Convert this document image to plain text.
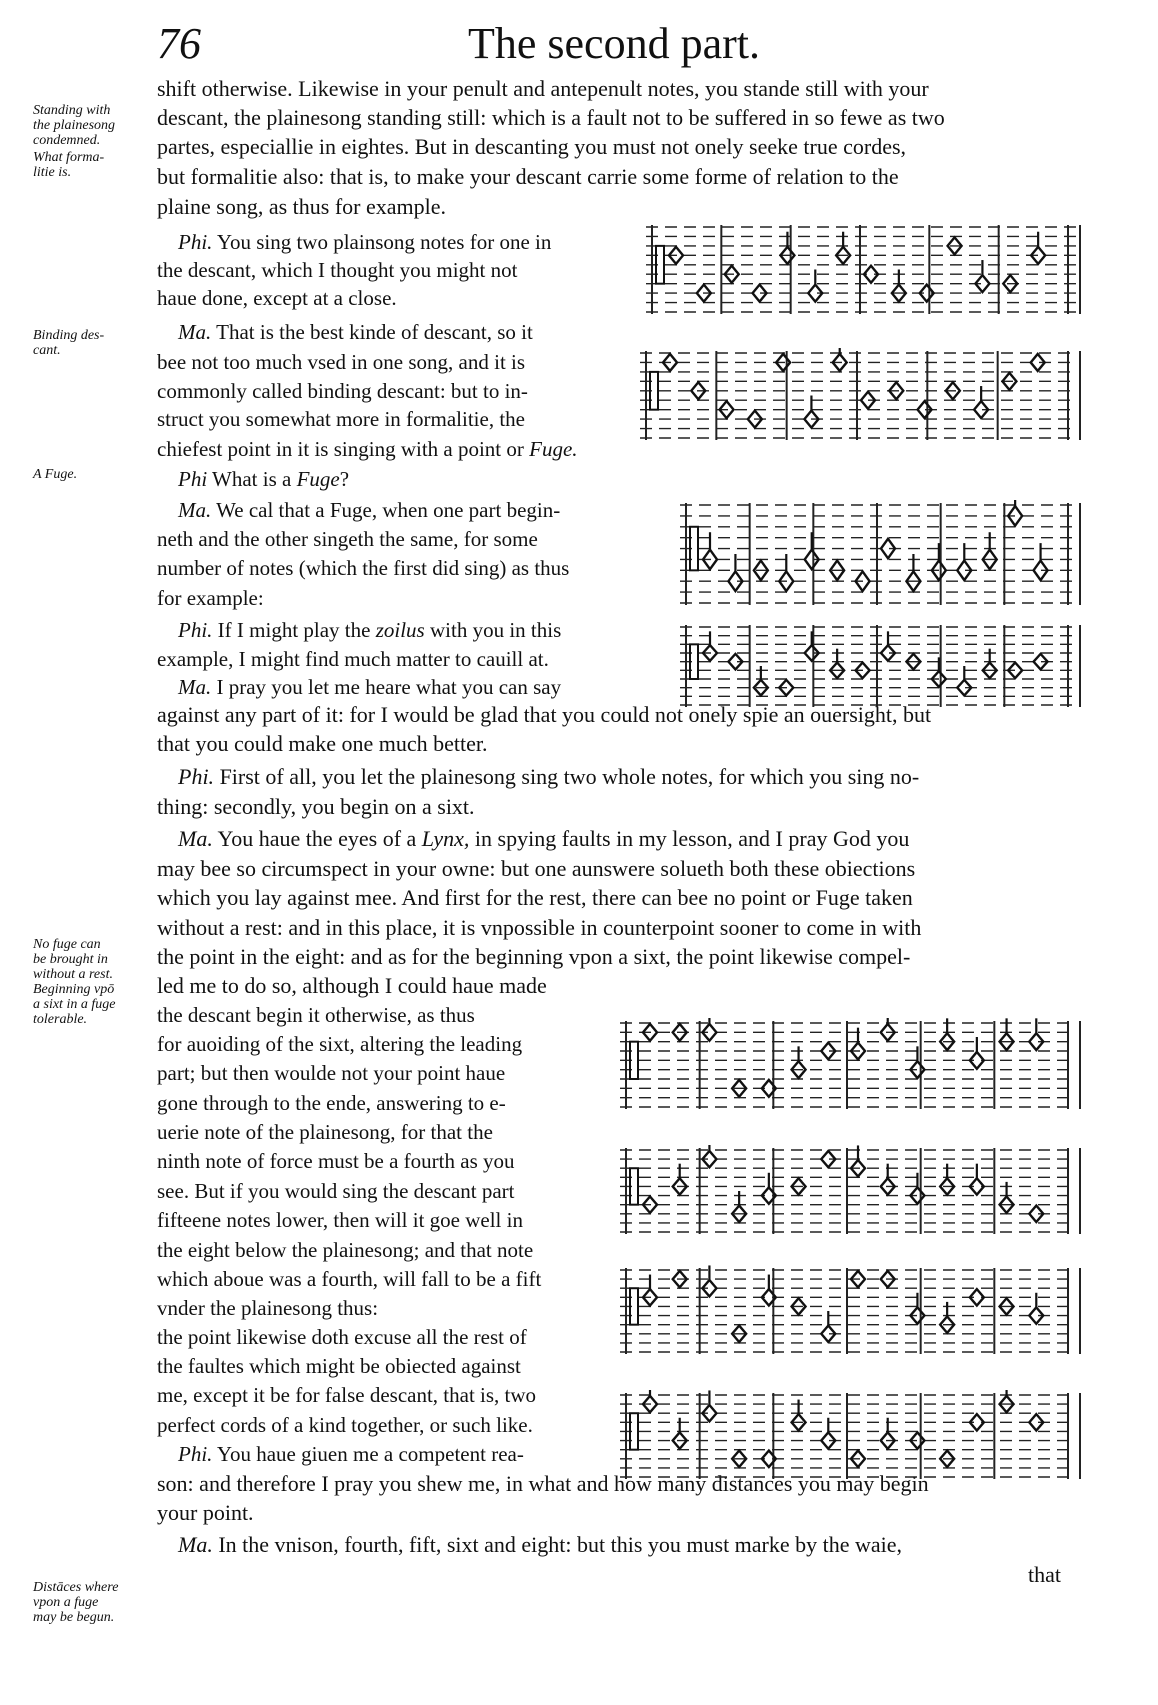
76	The second part.
Standing with
the plainesong
condemned.
What forma-
litie is.
Binding des-
cant.
A Fuge.
No fuge can
be brought in
without a rest.
Beginning vpō
a sixt in a fuge
tolerable.
Distāces where
vpon a fuge
may be begun.
shift otherwise. Likewise in your penult and antepenult notes, you stande still with your
descant, the plainesong standing still: which is a fault not to be suffered in so fewe as two
partes, especiallie in eightes. But in descanting you must not onely seeke true cordes,
but formalitie also: that is, to make your descant carrie some forme of relation to the
plaine song, as thus for example.
Phi. You sing two plainsong notes for one in
the descant, which I thought you might not
haue done, except at a close.
Ma. That is the best kinde of descant, so it
bee not too much vsed in one song, and it is
commonly called binding descant: but to in-
struct you somewhat more in formalitie, the
chiefest point in it is singing with a point or Fuge.
Phi What is a Fuge?
Ma. We cal that a Fuge, when one part begin-
neth and the other singeth the same, for some
number of notes (which the first did sing) as thus
for example:
Phi. If I might play the zoilus with you in this
example, I might find much matter to cauill at.
Ma. I pray you let me heare what you can say
against any part of it: for I would be glad that you could not onely spie an ouersight, but
that you could make one much better.
Phi. First of all, you let the plainesong sing two whole notes, for which you sing no-
thing: secondly, you begin on a sixt.
Ma. You haue the eyes of a Lynx, in spying faults in my lesson, and I pray God you
may bee so circumspect in your owne: but one aunswere solueth both these obiections
which you lay against mee. And first for the rest, there can bee no point or Fuge taken
without a rest: and in this place, it is vnpossible in counterpoint sooner to come in with
the point in the eight: and as for the beginning vpon a sixt, the point likewise compel-
led me to do so, although I could haue made
the descant begin it otherwise, as thus
for auoiding of the sixt, altering the leading
part; but then woulde not your point haue
gone through to the ende, answering to e-
uerie note of the plainesong, for that the
ninth note of force must be a fourth as you
see. But if you would sing the descant part
fifteene notes lower, then will it goe well in
the eight below the plainesong; and that note
which aboue was a fourth, will fall to be a fift
vnder the plainesong thus:
the point likewise doth excuse all the rest of
the faultes which might be obiected against
me, except it be for false descant, that is, two
perfect cords of a kind together, or such like.
Phi. You haue giuen me a competent rea-
son: and therefore I pray you shew me, in what and how many distances you may begin
your point.
Ma. In the vnison, fourth, fift, sixt and eight: but this you must marke by the waie,
that
